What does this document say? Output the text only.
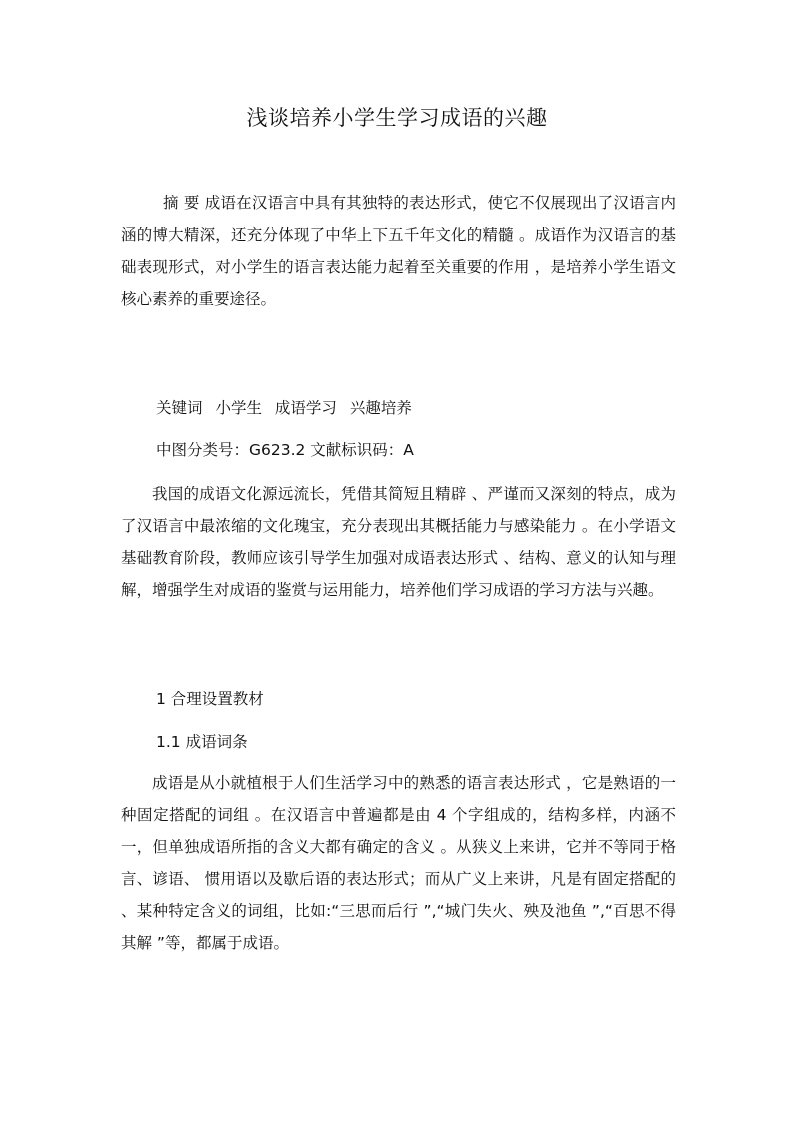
浅谈培养小学生学习成语的兴趣
摘 要 成语在汉语言中具有其独特的表达形式，使它不仅展现出了汉语言内涵的博大精深，还充分体现了中华上下五千年文化的精髓 。成语作为汉语言的基础表现形式，对小学生的语言表达能力起着至关重要的作用 ，是培养小学生语文核心素养的重要途径。
关键词 小学生 成语学习 兴趣培养
中图分类号：G623.2 文献标识码：A
我国的成语文化源远流长，凭借其简短且精辟 、严谨而又深刻的特点，成为了汉语言中最浓缩的文化瑰宝，充分表现出其概括能力与感染能力 。在小学语文基础教育阶段，教师应该引导学生加强对成语表达形式 、结构、意义的认知与理解，增强学生对成语的鉴赏与运用能力，培养他们学习成语的学习方法与兴趣。
1 合理设置教材
1.1 成语词条
成语是从小就植根于人们生活学习中的熟悉的语言表达形式 ，它是熟语的一种固定搭配的词组 。在汉语言中普遍都是由 4 个字组成的，结构多样，内涵不一，但单独成语所指的含义大都有确定的含义 。从狭义上来讲，它并不等同于格言、谚语、 惯用语以及歇后语的表达形式；而从广义上来讲，凡是有固定搭配的 、某种特定含义的词组，比如:“三思而后行 ”,“城门失火、殃及池鱼 ”,“百思不得其解 ”等，都属于成语。
